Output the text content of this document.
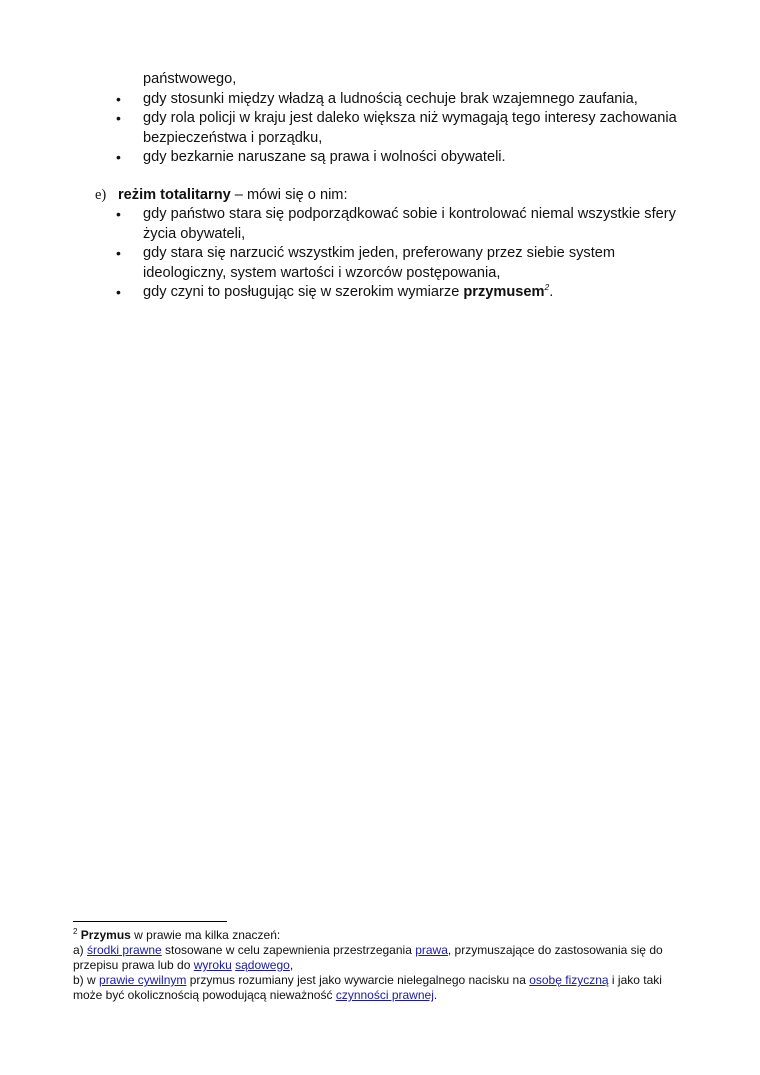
państwowego,
• gdy stosunki między władzą a ludnością cechuje brak wzajemnego zaufania,
• gdy rola policji w kraju jest daleko większa niż wymagają tego interesy zachowania bezpieczeństwa i porządku,
• gdy bezkarnie naruszane są prawa i wolności obywateli.
e) reżim totalitarny – mówi się o nim:
• gdy państwo stara się podporządkować sobie i kontrolować niemal wszystkie sfery życia obywateli,
• gdy stara się narzucić wszystkim jeden, preferowany przez siebie system ideologiczny, system wartości i wzorców postępowania,
• gdy czyni to posługując się w szerokim wymiarze przymusem$^2$.
$^2$ Przymus w prawie ma kilka znaczeń:
a) środki prawne stosowane w celu zapewnienia przestrzegania prawa, przymuszające do zastosowania się do przepisu prawa lub do wyroku sądowego,
b) w prawie cywilnym przymus rozumiany jest jako wywarcie nielegalnego nacisku na osobę fizyczną i jako taki może być okolicznością powodującą nieważność czynności prawnej.
